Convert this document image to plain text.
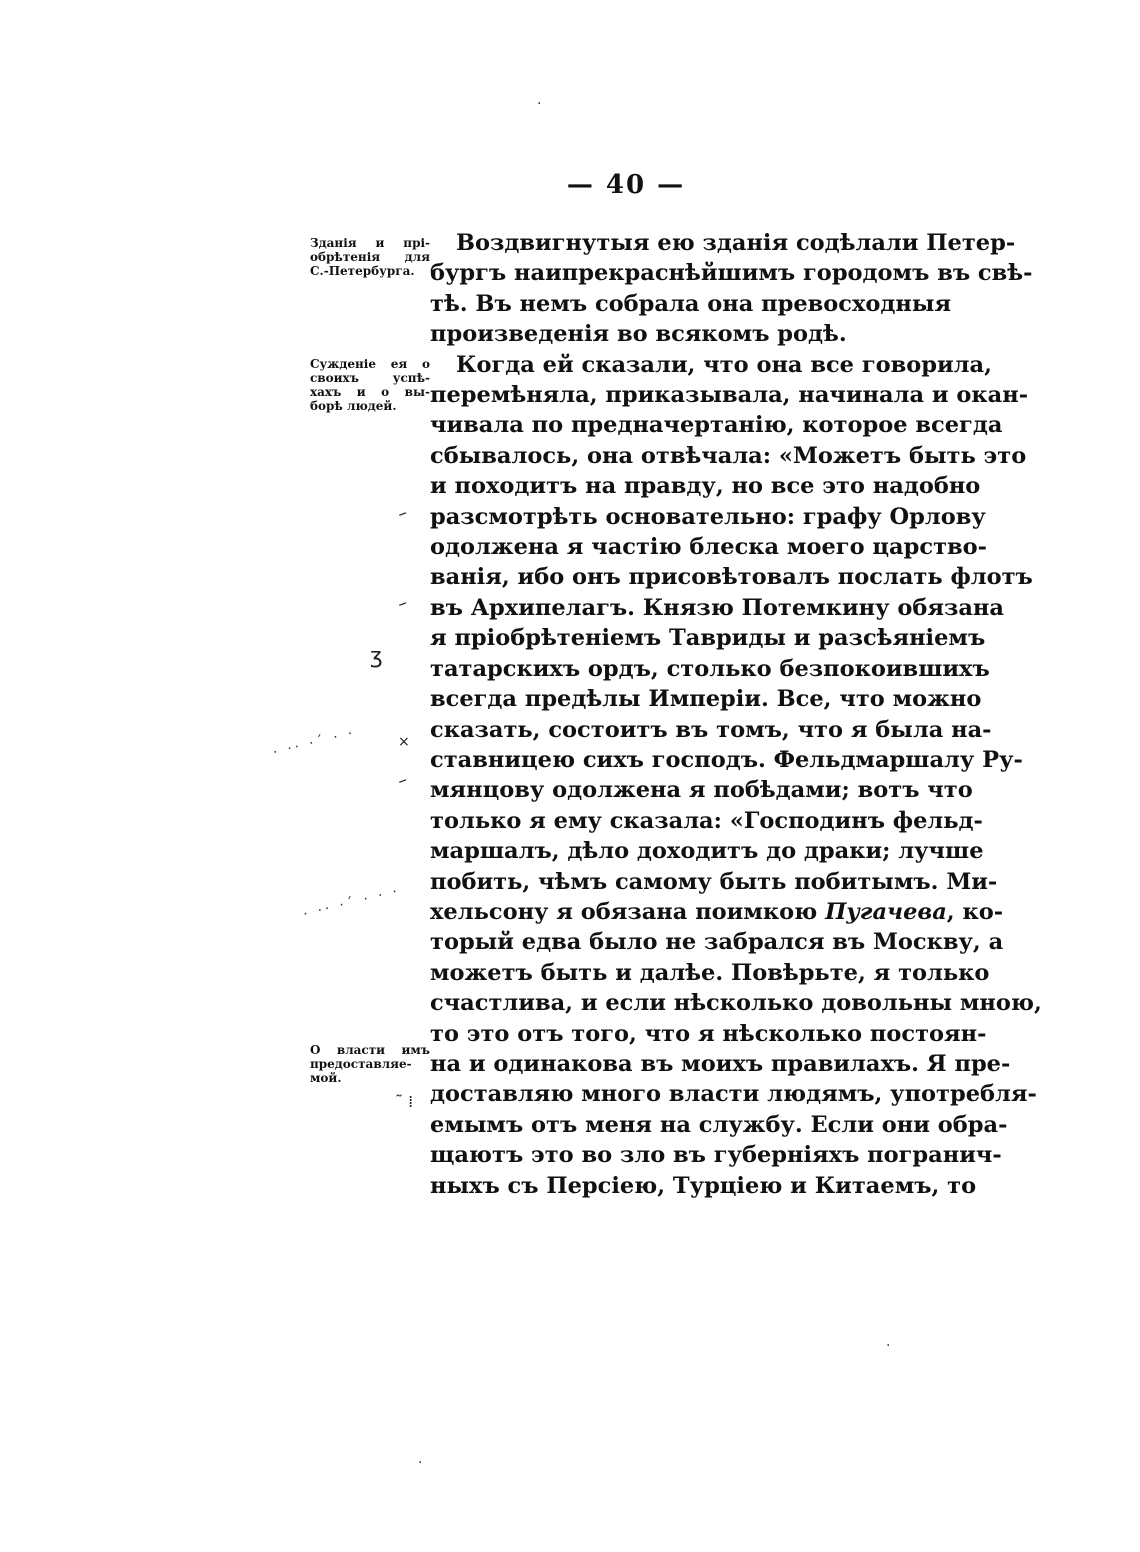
— 40 —
Зданія и прі-
обрѣтенія для
С.-Петербурга.
Сужденіе ея о
своихъ успѣ-
хахъ и о вы-
борѣ людей.
О власти имъ
предоставляе-
мой.
Воздвигнутыя ею зданія содѣлали Петер-
бургъ наипрекраснѣйшимъ городомъ въ свѣ-
тѣ. Въ немъ собрала она превосходныя
произведенія во всякомъ родѣ.
Когда ей сказали, что она все говорила,
перемѣняла, приказывала, начинала и окан-
чивала по предначертанію, которое всегда
сбывалось, она отвѣчала: «Можетъ быть это
и походитъ на правду, но все это надобно
разсмотрѣть основательно: графу Орлову
одолжена я частію блеска моего царство-
ванія, ибо онъ присовѣтовалъ послать флотъ
въ Архипелагъ. Князю Потемкину обязана
я пріобрѣтеніемъ Тавриды и разсѣяніемъ
татарскихъ ордъ, столько безпокоившихъ
всегда предѣлы Имперіи. Все, что можно
сказать, состоитъ въ томъ, что я была на-
ставницею сихъ господъ. Фельдмаршалу Ру-
мянцову одолжена я побѣдами; вотъ что
только я ему сказала: «Господинъ фельд-
маршалъ, дѣло доходитъ до драки; лучше
побить, чѣмъ самому быть побитымъ. Ми-
хельсону я обязана поимкою Пугачева, ко-
торый едва было не забрался въ Москву, а
можетъ быть и далѣе. Повѣрьте, я только
счастлива, и если нѣсколько довольны мною,
то это отъ того, что я нѣсколько постоян-
на и одинакова въ моихъ правилахъ. Я пре-
доставляю много власти людямъ, употребля-
емымъ отъ меня на службу. Если они обра-
щаютъ это во зло въ губерніяхъ погранич-
ныхъ съ Персіею, Турціею и Китаемъ, то
–
–
ʒ
×
–
˜ ⁞
· ·· ·´ · ·
· ·· ·´ · · ·
·
·
·
